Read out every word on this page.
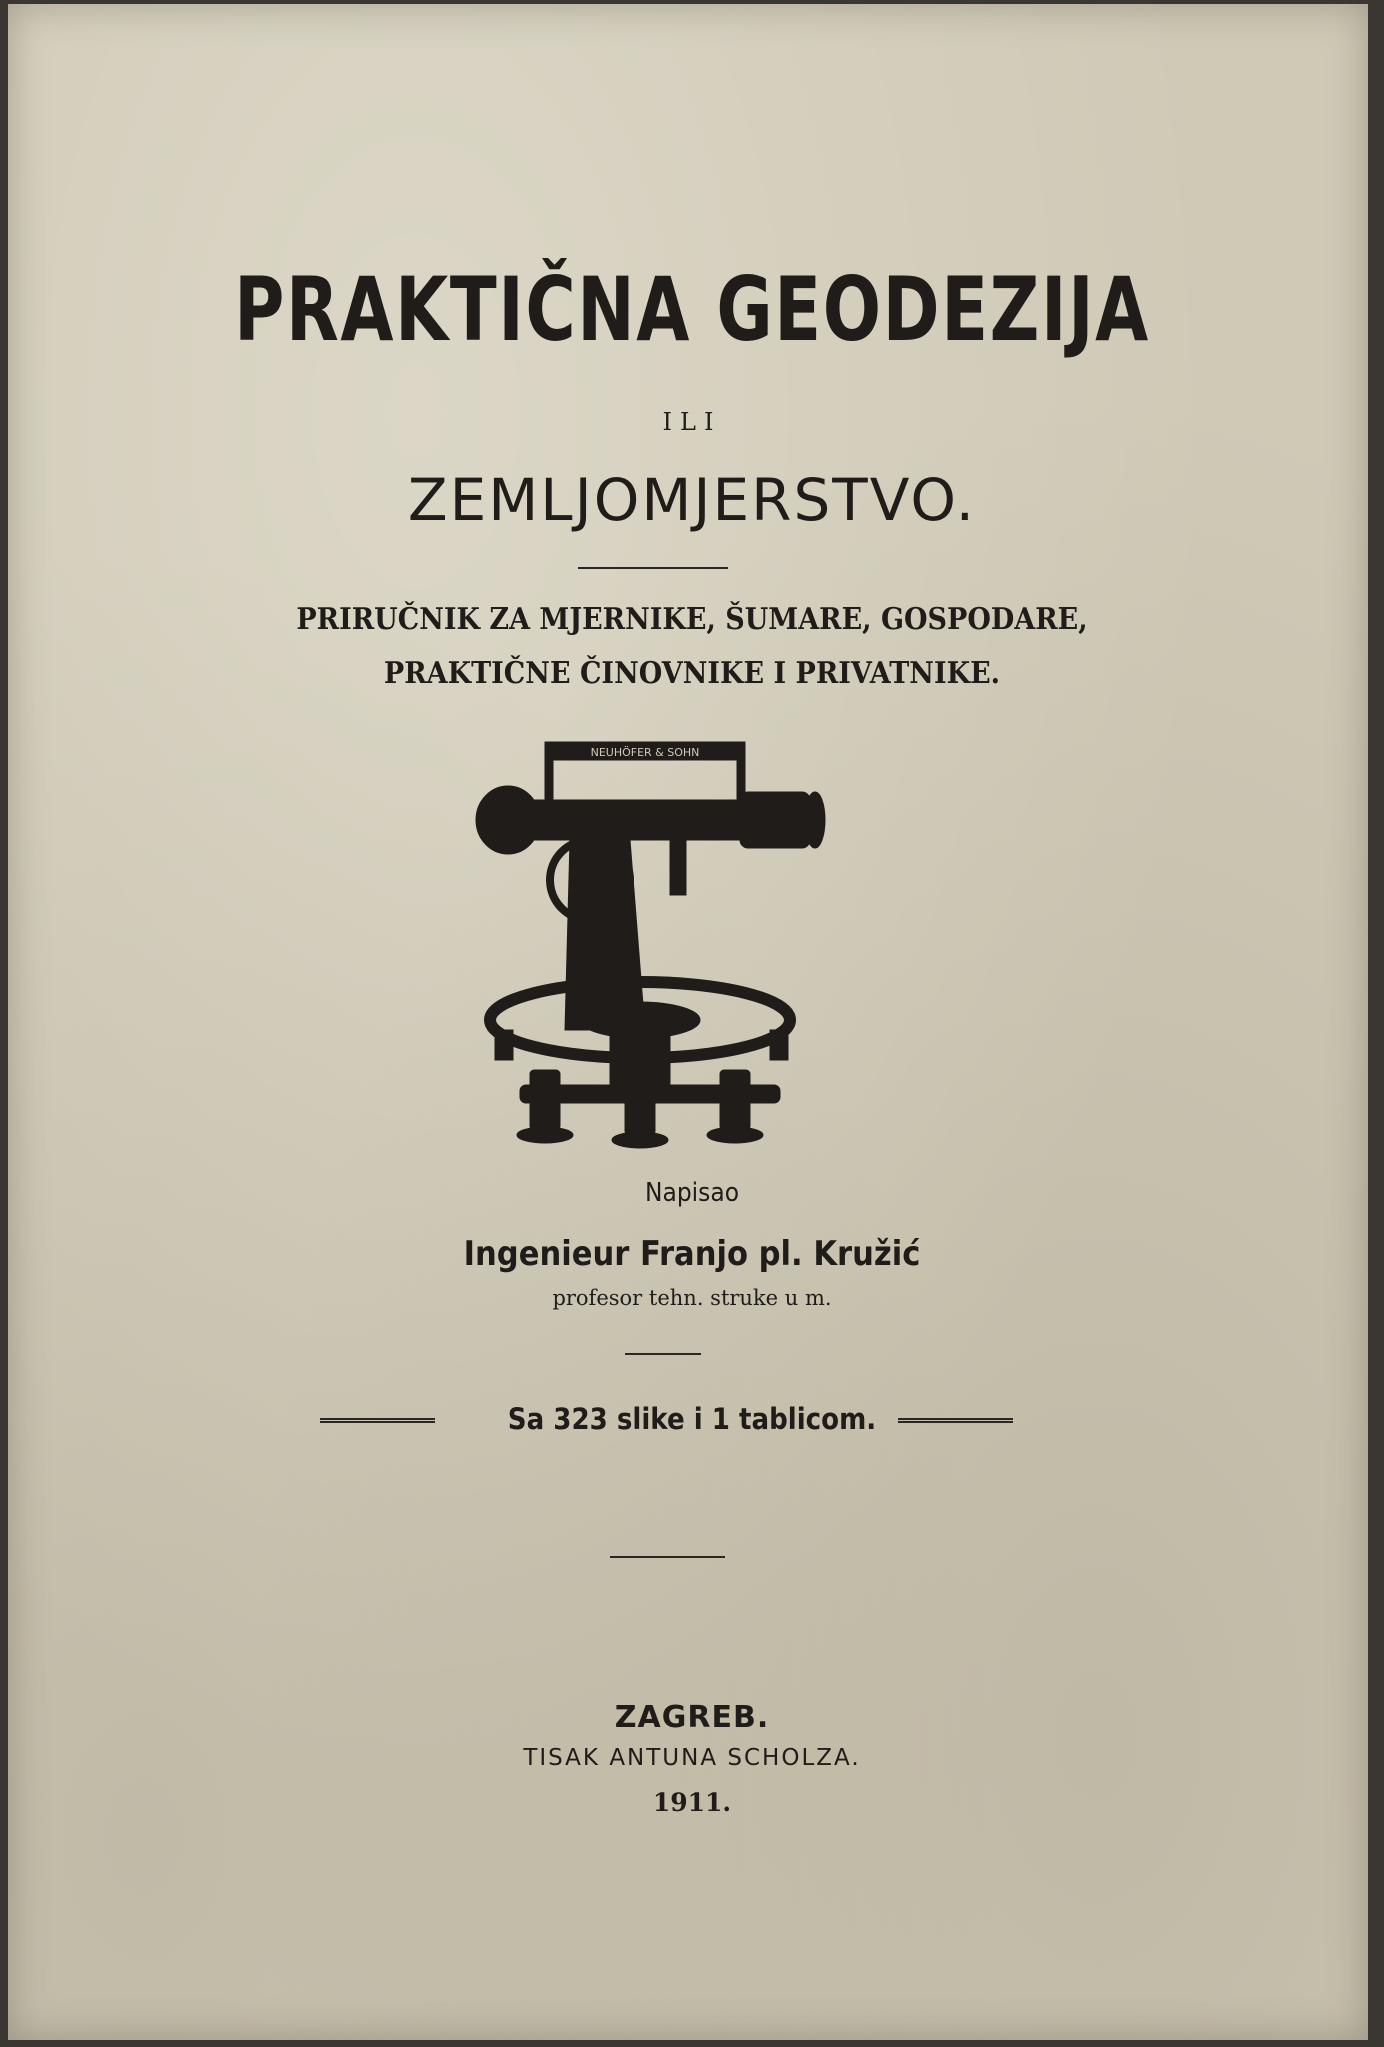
PRAKTIČNA GEODEZIJA
ILI
ZEMLJOMJERSTVO.
PRIRUČNIK ZA MJERNIKE, ŠUMARE, GOSPODARE,
PRAKTIČNE ČINOVNIKE I PRIVATNIKE.
NEUHÖFER & SOHN
Napisao
Ingenieur Franjo pl. Kružić
profesor tehn. struke u m.
Sa 323 slike i 1 tablicom.
ZAGREB.
TISAK ANTUNA SCHOLZA.
1911.
